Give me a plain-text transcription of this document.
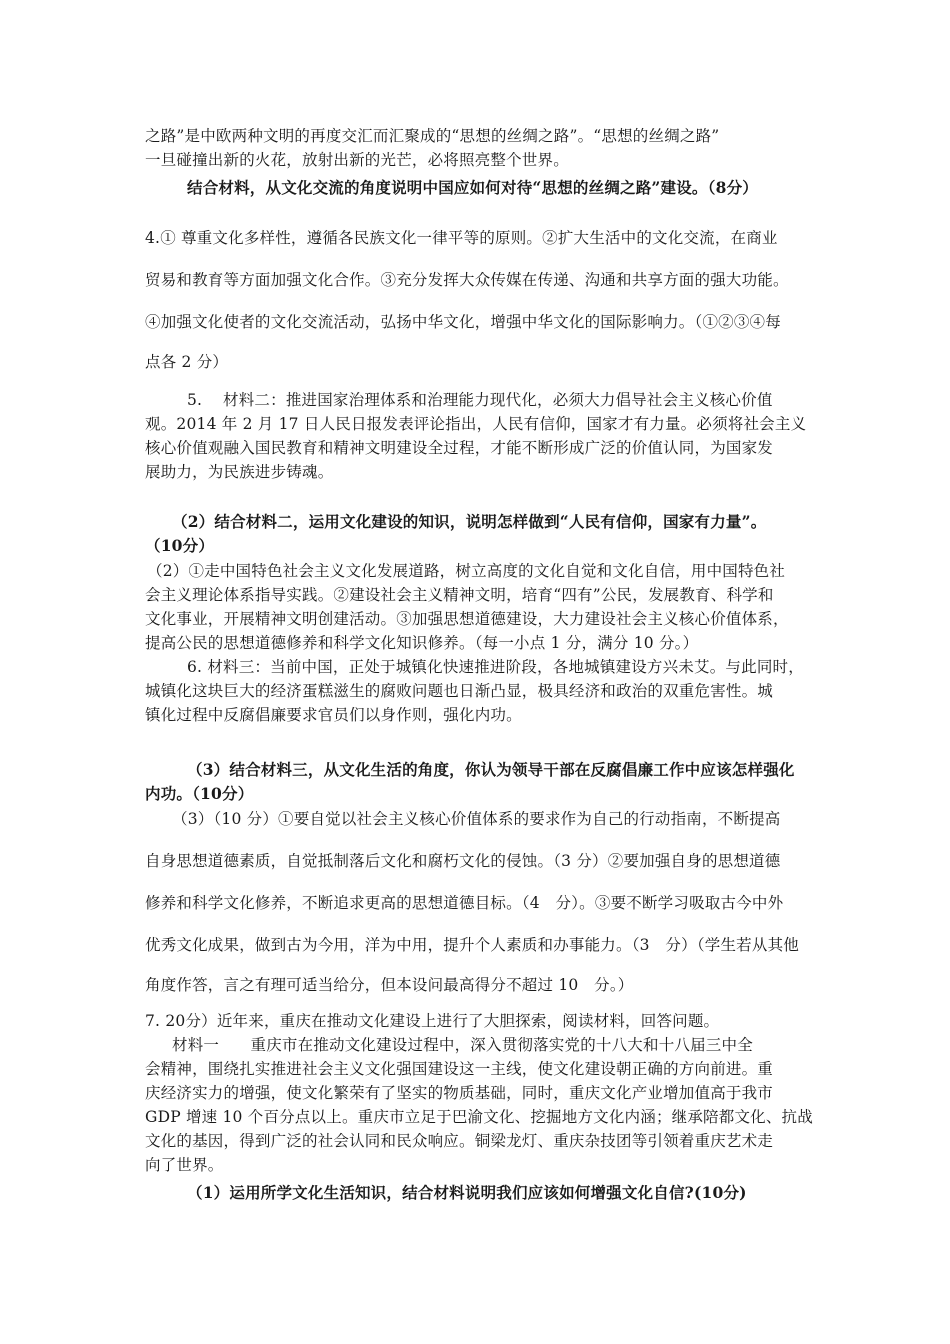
之路”是中欧两种文明的再度交汇而汇聚成的“思想的丝绸之路”。“思想的丝绸之路”
一旦碰撞出新的火花，放射出新的光芒，必将照亮整个世界。
结合材料，从文化交流的角度说明中国应如何对待“思想的丝绸之路”建设。（8分）
4.① 尊重文化多样性，遵循各民族文化一律平等的原则。②扩大生活中的文化交流，在商业
贸易和教育等方面加强文化合作。③充分发挥大众传媒在传递、沟通和共享方面的强大功能。
④加强文化使者的文化交流活动，弘扬中华文化，增强中华文化的国际影响力。（①②③④每
点各 2 分）
5.　 材料二：推进国家治理体系和治理能力现代化，必须大力倡导社会主义核心价值
观。2014 年 2 月 17 日人民日报发表评论指出，人民有信仰，国家才有力量。必须将社会主义
核心价值观融入国民教育和精神文明建设全过程，才能不断形成广泛的价值认同，为国家发
展助力，为民族进步铸魂。
（2）结合材料二，运用文化建设的知识，说明怎样做到“人民有信仰，国家有力量”。
（10分）
（2）①走中国特色社会主义文化发展道路，树立高度的文化自觉和文化自信，用中国特色社
会主义理论体系指导实践。②建设社会主义精神文明，培育“四有”公民，发展教育、科学和
文化事业，开展精神文明创建活动。③加强思想道德建设，大力建设社会主义核心价值体系，
提高公民的思想道德修养和科学文化知识修养。（每一小点 1 分，满分 10 分。）
6. 材料三：当前中国，正处于城镇化快速推进阶段，各地城镇建设方兴未艾。与此同时，
城镇化这块巨大的经济蛋糕滋生的腐败问题也日渐凸显，极具经济和政治的双重危害性。城
镇化过程中反腐倡廉要求官员们以身作则，强化内功。
（3）结合材料三，从文化生活的角度，你认为领导干部在反腐倡廉工作中应该怎样强化
内功。（10分）
（3）（10 分）①要自觉以社会主义核心价值体系的要求作为自己的行动指南，不断提高
自身思想道德素质，自觉抵制落后文化和腐朽文化的侵蚀。（3 分）②要加强自身的思想道德
修养和科学文化修养，不断追求更高的思想道德目标。（4　分）。③要不断学习吸取古今中外
优秀文化成果，做到古为今用，洋为中用，提升个人素质和办事能力。（3　分）（学生若从其他
角度作答，言之有理可适当给分，但本设问最高得分不超过 10　分。）
7. 20分）近年来，重庆在推动文化建设上进行了大胆探索，阅读材料，回答问题。
材料一　　重庆市在推动文化建设过程中，深入贯彻落实党的十八大和十八届三中全
会精神，围绕扎实推进社会主义文化强国建设这一主线，使文化建设朝正确的方向前进。重
庆经济实力的增强，使文化繁荣有了坚实的物质基础，同时，重庆文化产业增加值高于我市
GDP 增速 10 个百分点以上。重庆市立足于巴渝文化、挖掘地方文化内涵；继承陪都文化、抗战
文化的基因，得到广泛的社会认同和民众响应。铜梁龙灯、重庆杂技团等引领着重庆艺术走
向了世界。
（1）运用所学文化生活知识，结合材料说明我们应该如何增强文化自信?(10分)
